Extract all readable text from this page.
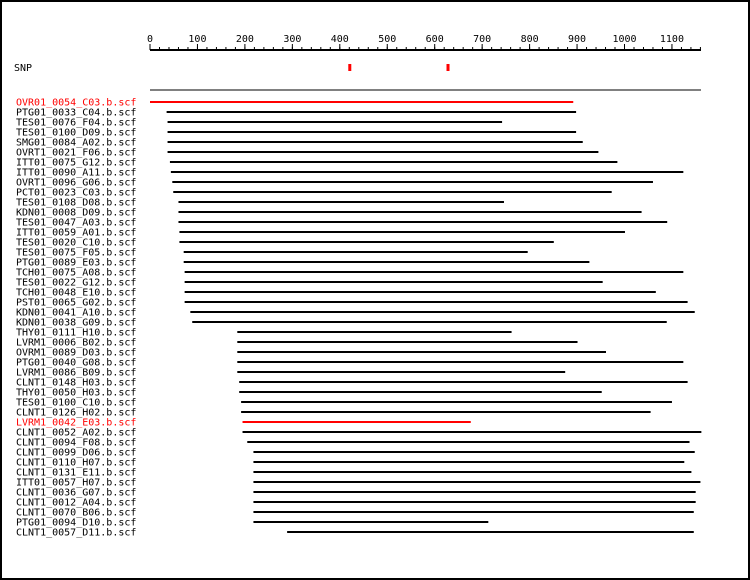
0	100	200	300	400	500	600	700	800	900	1000 1100
SNP
OVR01_0054_C03.b.scf
PTG01_0033_C04.b.scf
TES01_0076_F04.b.scf
TES01_0100_D09.b.scf
SMG01_0084_A02.b.scf
OVRT1_0021_F06.b.scf
ITT01_0075_G12.b.scf
ITT01_0090_A11.b.scf
OVRT1_0096_G06.b.scf
PCT01_0023_C03.b.scf
TES01_0108_D08.b.scf
KDN01_0008_D09.b.scf
TES01_0047_A03.b.scf
ITT01_0059_A01.b.scf
TES01_0020_C10.b.scf
TES01_0075_F05.b.scf
PTG01_0089_E03.b.scf
TCH01_0075_A08.b.scf
TES01_0022_G12.b.scf
TCH01_0048_E10.b.scf
PST01_0065_G02.b.scf
KDN01_0041_A10.b.scf
KDN01_0038_G09.b.scf
THY01_0111_H10.b.scf
LVRM1_0006_B02.b.scf
OVRM1_0089_D03.b.scf
PTG01_0040_G08.b.scf
LVRM1_0086_B09.b.scf
CLNT1_0148_H03.b.scf
THY01_0050_H03.b.scf
TES01_0100_C10.b.scf
CLNT1_0126_H02.b.scf
LVRM1_0042_E03.b.scf
CLNT1_0052_A02.b.scf
CLNT1_0094_F08.b.scf
CLNT1_0099_D06.b.scf
CLNT1_0110_H07.b.scf
CLNT1_0131_E11.b.scf
ITT01_0057_H07.b.scf
CLNT1_0036_G07.b.scf
CLNT1_0012_A04.b.scf
CLNT1_0070_B06.b.scf
PTG01_0094_D10.b.scf
CLNT1_0057_D11.b.scf
